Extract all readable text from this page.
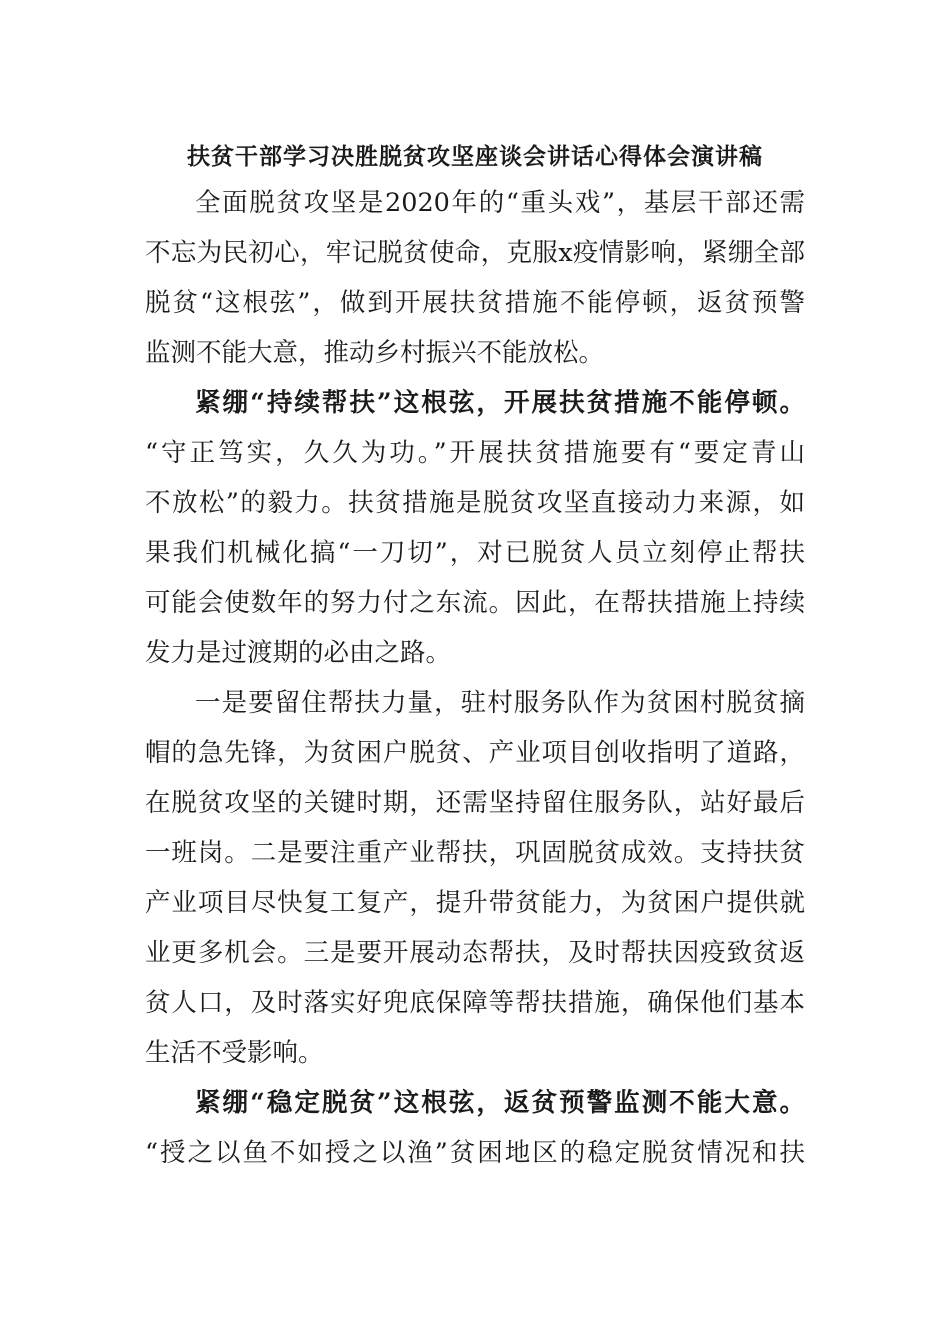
扶贫干部学习决胜脱贫攻坚座谈会讲话心得体会演讲稿
全面脱贫攻坚是2020年的“重头戏”，基层干部还需
不忘为民初心，牢记脱贫使命，克服x疫情影响，紧绷全部
脱贫“这根弦”，做到开展扶贫措施不能停顿，返贫预警
监测不能大意，推动乡村振兴不能放松。
紧绷“持续帮扶”这根弦，开展扶贫措施不能停顿。
“守正笃实，久久为功。”开展扶贫措施要有“要定青山
不放松”的毅力。扶贫措施是脱贫攻坚直接动力来源，如
果我们机械化搞“一刀切”，对已脱贫人员立刻停止帮扶
可能会使数年的努力付之东流。因此，在帮扶措施上持续
发力是过渡期的必由之路。
一是要留住帮扶力量，驻村服务队作为贫困村脱贫摘
帽的急先锋，为贫困户脱贫、产业项目创收指明了道路，
在脱贫攻坚的关键时期，还需坚持留住服务队，站好最后
一班岗。二是要注重产业帮扶，巩固脱贫成效。支持扶贫
产业项目尽快复工复产，提升带贫能力，为贫困户提供就
业更多机会。三是要开展动态帮扶，及时帮扶因疫致贫返
贫人口，及时落实好兜底保障等帮扶措施，确保他们基本
生活不受影响。
紧绷“稳定脱贫”这根弦，返贫预警监测不能大意。
“授之以鱼不如授之以渔”贫困地区的稳定脱贫情况和扶
